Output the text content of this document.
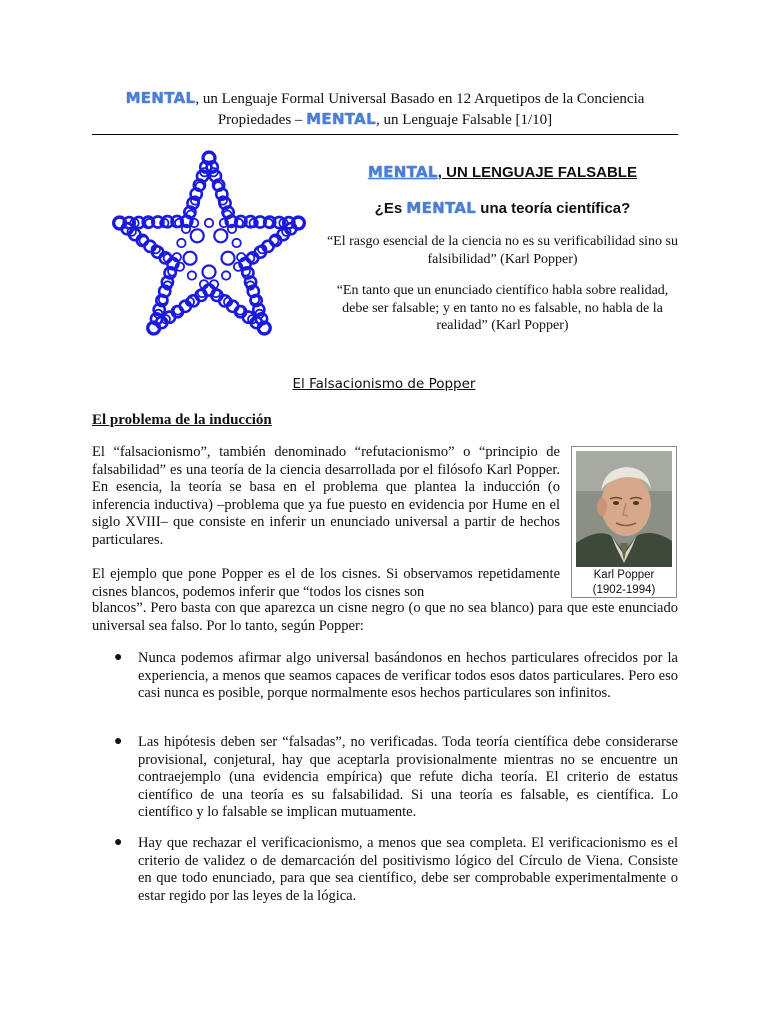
MENTAL, un Lenguaje Formal Universal Basado en 12 Arquetipos de la Conciencia
Propiedades – MENTAL, un Lenguaje Falsable [1/10]
MENTAL, UN LENGUAJE FALSABLE
¿Es MENTAL una teoría científica?
“El rasgo esencial de la ciencia no es su verificabilidad sino su falsibilidad” (Karl Popper)
“En tanto que un enunciado científico habla sobre realidad, debe ser falsable; y en tanto no es falsable, no habla de la realidad” (Karl Popper)
El Falsacionismo de Popper
El problema de la inducción
El “falsacionismo”, también denominado “refutacionismo” o “principio de falsabilidad” es una teoría de la ciencia desarrollada por el filósofo Karl Popper. En esencia, la teoría se basa en el problema que plantea la inducción (o inferencia inductiva) –problema que ya fue puesto en evidencia por Hume en el siglo XVIII– que consiste en inferir un enunciado universal a partir de hechos particulares.
Karl Popper
(1902-1994)
El ejemplo que pone Popper es el de los cisnes. Si observamos repetidamente cisnes blancos, podemos inferir que “todos los cisnes son
blancos”. Pero basta con que aparezca un cisne negro (o que no sea blanco) para que este enunciado universal sea falso. Por lo tanto, según Popper:
● Nunca podemos afirmar algo universal basándonos en hechos particulares ofrecidos por la experiencia, a menos que seamos capaces de verificar todos esos datos particulares. Pero eso casi nunca es posible, porque normalmente esos hechos particulares son infinitos.
● Las hipótesis deben ser “falsadas”, no verificadas. Toda teoría científica debe considerarse provisional, conjetural, hay que aceptarla provisionalmente mientras no se encuentre un contraejemplo (una evidencia empírica) que refute dicha teoría. El criterio de estatus científico de una teoría es su falsabilidad. Si una teoría es falsable, es científica. Lo científico y lo falsable se implican mutuamente.
● Hay que rechazar el verificacionismo, a menos que sea completa. El verificacionismo es el criterio de validez o de demarcación del positivismo lógico del Círculo de Viena. Consiste en que todo enunciado, para que sea científico, debe ser comprobable experimentalmente o estar regido por las leyes de la lógica.
